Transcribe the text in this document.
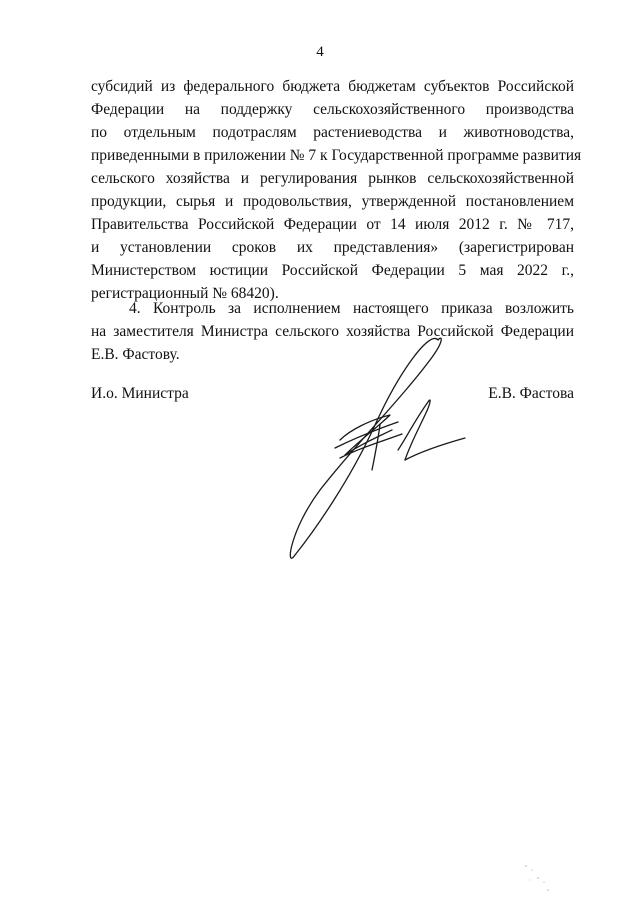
4
субсидий из федерального бюджета бюджетам субъектов Российской
Федерации на поддержку сельскохозяйственного производства
по отдельным подотраслям растениеводства и животноводства,
приведенными в приложении № 7 к Государственной программе развития
сельского хозяйства и регулирования рынков сельскохозяйственной
продукции, сырья и продовольствия, утвержденной постановлением
Правительства Российской Федерации от 14 июля 2012 г. № 717,
и установлении сроков их представления» (зарегистрирован
Министерством юстиции Российской Федерации 5 мая 2022 г.,
регистрационный № 68420).
4. Контроль за исполнением настоящего приказа возложить
на заместителя Министра сельского хозяйства Российской Федерации
Е.В. Фастову.
И.о. Министра	Е.В. Фастова
